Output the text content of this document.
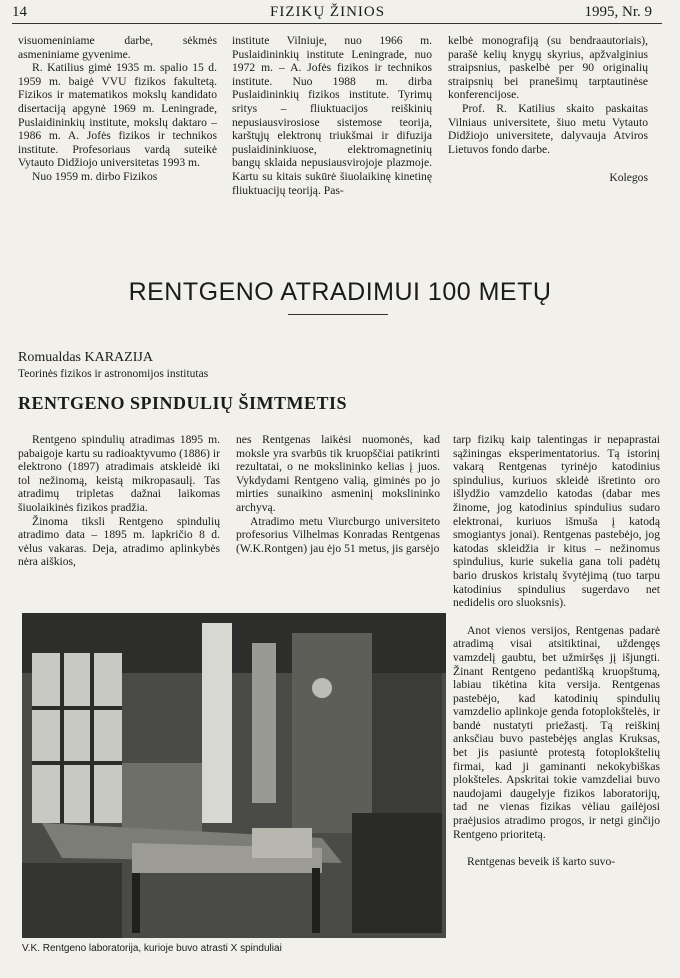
14	FIZIKŲ ŽINIOS	1995, Nr. 9

visuomeniniame darbe, sėkmės asmeniniame gyvenime.

R. Katilius gimė 1935 m. spalio 15 d. 1959 m. baigė VVU fizikos fakultetą. Fizikos ir matematikos mokslų kandidato disertaciją apgynė 1969 m. Leningrade, Puslaidininkių institute, mokslų daktaro – 1986 m. A. Jofės fizikos ir technikos institute. Profesoriaus vardą suteikė Vytauto Didžiojo universitetas 1993 m.

Nuo 1959 m. dirbo Fizikos

institute Vilniuje, nuo 1966 m. Puslaidininkių institute Leningrade, nuo 1972 m. – A. Jofės fizikos ir technikos institute. Nuo 1988 m. dirba Puslaidininkių fizikos institute. Tyrimų sritys – fliuktuacijos reiškinių nepusiausvirosiose sistemose teorija, karštųjų elektronų triukšmai ir difuzija puslaidininkiuose, elektromagnetinių bangų sklaida nepusiausvirojoje plazmoje. Kartu su kitais sukūrė šiuolaikinę kinetinę fliuktuacijų teoriją. Pas-

kelbė monografiją (su bendraautoriais), parašė kelių knygų skyrius, apžvalginius straipsnius, paskelbė per 90 originalių straipsnių bei pranešimų tarptautinėse konferencijose.

Prof. R. Katilius skaito paskaitas Vilniaus universitete, šiuo metu Vytauto Didžiojo universitete, dalyvauja Atviros Lietuvos fondo darbe.

Kolegos

RENTGENO ATRADIMUI 100 METŲ
Romualdas KARAZIJA
Teorinės fizikos ir astronomijos institutas
RENTGENO SPINDULIŲ ŠIMTMETIS

Rentgeno spindulių atradimas 1895 m. pabaigoje kartu su radioaktyvumo (1886) ir elektrono (1897) atradimais atskleidė iki tol nežinomą, keistą mikropasaulį. Tas atradimų tripletas dažnai laikomas šiuolaikinės fizikos pradžia.

Žinoma tiksli Rentgeno spindulių atradimo data – 1895 m. lapkričio 8 d. vėlus vakaras. Deja, atradimo aplinkybės nėra aiškios,

nes Rentgenas laikėsi nuomonės, kad moksle yra svarbūs tik kruopščiai patikrinti rezultatai, o ne mokslininko kelias į juos. Vykdydami Rentgeno valią, giminės po jo mirties sunaikino asmeninį mokslininko archyvą.

Atradimo metu Viurcburgo universiteto profesorius Vilhelmas Konradas Rentgenas (W.K.Rontgen) jau ėjo 51 metus, jis garsėjo

tarp fizikų kaip talentingas ir nepaprastai sąžiningas eksperimentatorius. Tą istorinį vakarą Rentgenas tyrinėjo katodinius spindulius, kuriuos skleidė išretinto oro išlydžio vamzdelio katodas (dabar mes žinome, jog katodinius spindulius sudaro elektronai, kuriuos išmuša į katodą smogiantys jonai). Rentgenas pastebėjo, jog katodas skleidžia ir kitus – nežinomus spindulius, kurie sukelia gana toli padėtų bario druskos kristalų švytėjimą (tuo tarpu katodinius spindulius sugerdavo net nedidelis oro sluoksnis).

Anot vienos versijos, Rentgenas padarė atradimą visai atsitiktinai, uždengęs vamzdelį gaubtu, bet užmiršęs jį išjungti. Žinant Rentgeno pedantišką kruopštumą, labiau tikėtina kita versija. Rentgenas pastebėjo, kad katodinių spindulių vamzdelio aplinkoje genda fotoplokštelės, ir bandė nustatyti priežastį. Tą reiškinį anksčiau buvo pastebėjęs anglas Kruksas, bet jis pasiuntė protestą fotoplokštelių firmai, kad ji gaminanti nekokybiškas plokšteles. Apskritai tokie vamzdeliai buvo naudojami daugelyje fizikos laboratorijų, tad ne vienas fizikas vėliau gailėjosi praėjusios atradimo progos, ir netgi ginčijo Rentgeno prioritetą.

Rentgenas beveik iš karto suvo-

V.K. Rentgeno laboratorija, kurioje buvo atrasti X spinduliai
